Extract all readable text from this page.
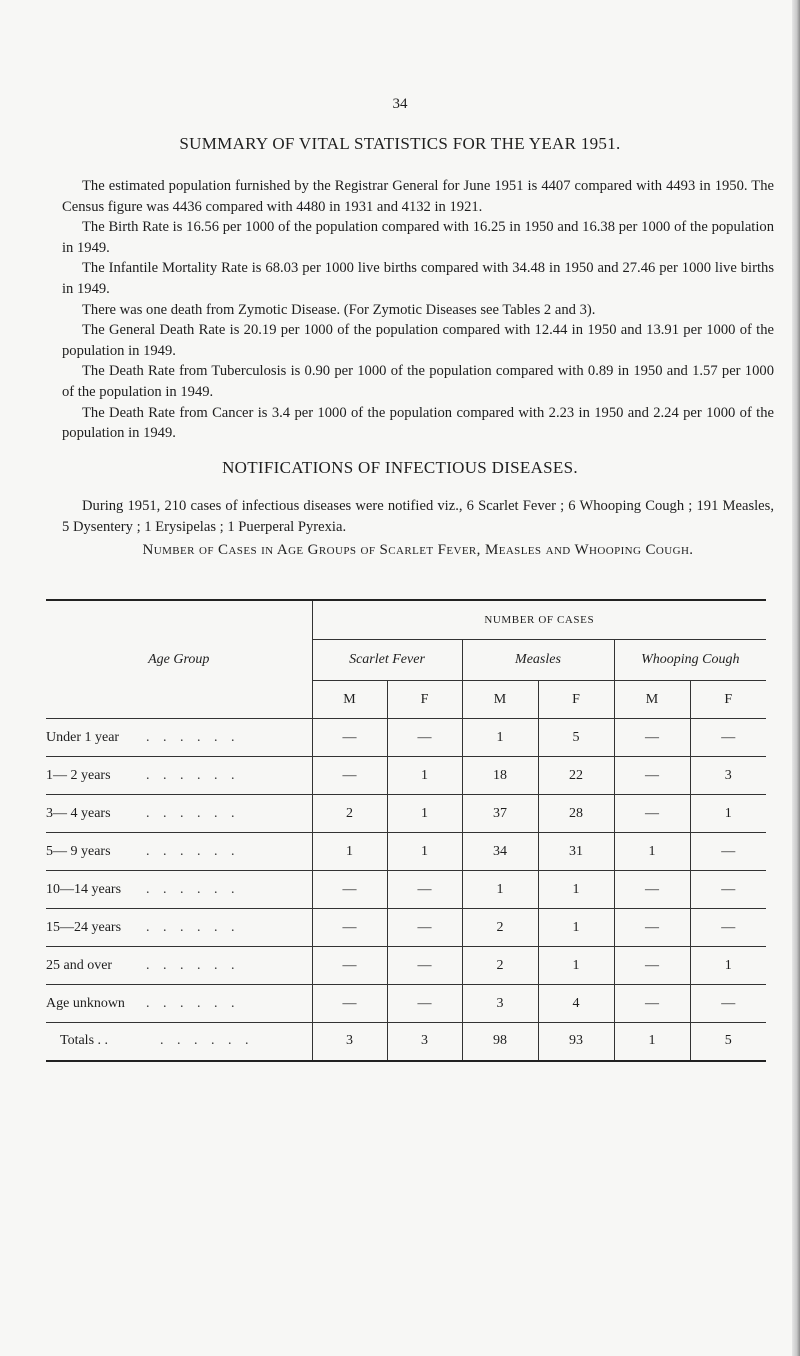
34
SUMMARY OF VITAL STATISTICS FOR THE YEAR 1951.

The estimated population furnished by the Registrar General for June 1951 is 4407 compared with 4493 in 1950. The Census figure was 4436 compared with 4480 in 1931 and 4132 in 1921.

The Birth Rate is 16.56 per 1000 of the population compared with 16.25 in 1950 and 16.38 per 1000 of the population in 1949.

The Infantile Mortality Rate is 68.03 per 1000 live births compared with 34.48 in 1950 and 27.46 per 1000 live births in 1949.

There was one death from Zymotic Disease. (For Zymotic Diseases see Tables 2 and 3).

The General Death Rate is 20.19 per 1000 of the population compared with 12.44 in 1950 and 13.91 per 1000 of the population in 1949.

The Death Rate from Tuberculosis is 0.90 per 1000 of the population compared with 0.89 in 1950 and 1.57 per 1000 of the population in 1949.

The Death Rate from Cancer is 3.4 per 1000 of the population compared with 2.23 in 1950 and 2.24 per 1000 of the population in 1949.

NOTIFICATIONS OF INFECTIOUS DISEASES.

During 1951, 210 cases of infectious diseases were notified viz., 6 Scarlet Fever ; 6 Whooping Cough ; 191 Measles, 5 Dysentery ; 1 Erysipelas ; 1 Puerperal Pyrexia.

Number of Cases in Age Groups of Scarlet Fever, Measles and Whooping Cough.
Age Group	NUMBER OF CASES					
	Scarlet Fever		Measles		Whooping Cough	
	M	F	M	F	M	F
Under 1 year . . . . . .	—	—	1	5	—	—
1— 2 years . . . . . .	—	1	18	22	—	3
3— 4 years . . . . . .	2	1	37	28	—	1
5— 9 years . . . . . .	1	1	34	31	1	—
10—14 years . . . . . .	—	—	1	1	—	—
15—24 years . . . . . .	—	—	2	1	—	—
25 and over . . . . . .	—	—	2	1	—	1
Age unknown . . . . . .	—	—	3	4	—	—
Totals . . . . . . . .	3	3	98	93	1	5
